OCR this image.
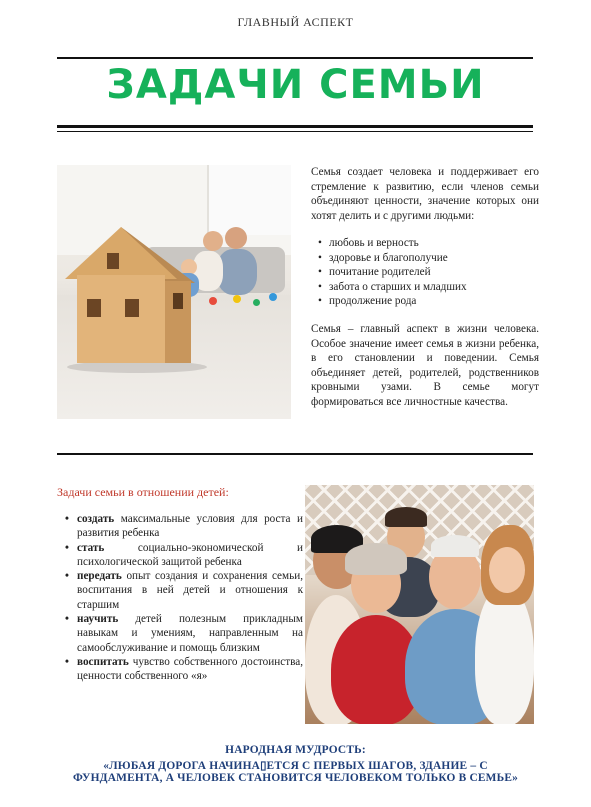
ГЛАВНЫЙ АСПЕКТ
ЗАДАЧИ СЕМЬИ
Семья создает человека и поддерживает его стремление к развитию, если членов семьи объединяют ценности, значение которых они хотят делить и с другими людьми:
• любовь и верность
• здоровье и благополучие
• почитание родителей
• забота о старших и младших
• продолжение рода
Семья – главный аспект в жизни человека. Особое значение имеет семья в жизни ребенка, в его становлении и поведении. Семья объединяет детей, родителей, родственников кровными узами. В семье могут формироваться все личностные качества.
Задачи семьи в отношении детей:
• создать максимальные условия для роста и развития ребенка
• стать социально-экономической и психологической защитой ребенка
• передать опыт создания и сохранения семьи, воспитания в ней детей и отношения к старшим
• научить детей полезным прикладным навыкам и умениям, направленным на самообслуживание и помощь близким
• воспитать чувство собственного достоинства, ценности собственного «я»
НАРОДНАЯ МУДРОСТЬ:
«ЛЮБАЯ ДОРОГА НАЧИНА▯ЕТСЯ С ПЕРВЫХ ШАГОВ, ЗДАНИЕ – С
ФУНДАМЕНТА, А ЧЕЛОВЕК СТАНОВИТСЯ ЧЕЛОВЕКОМ ТОЛЬКО В СЕМЬЕ»
